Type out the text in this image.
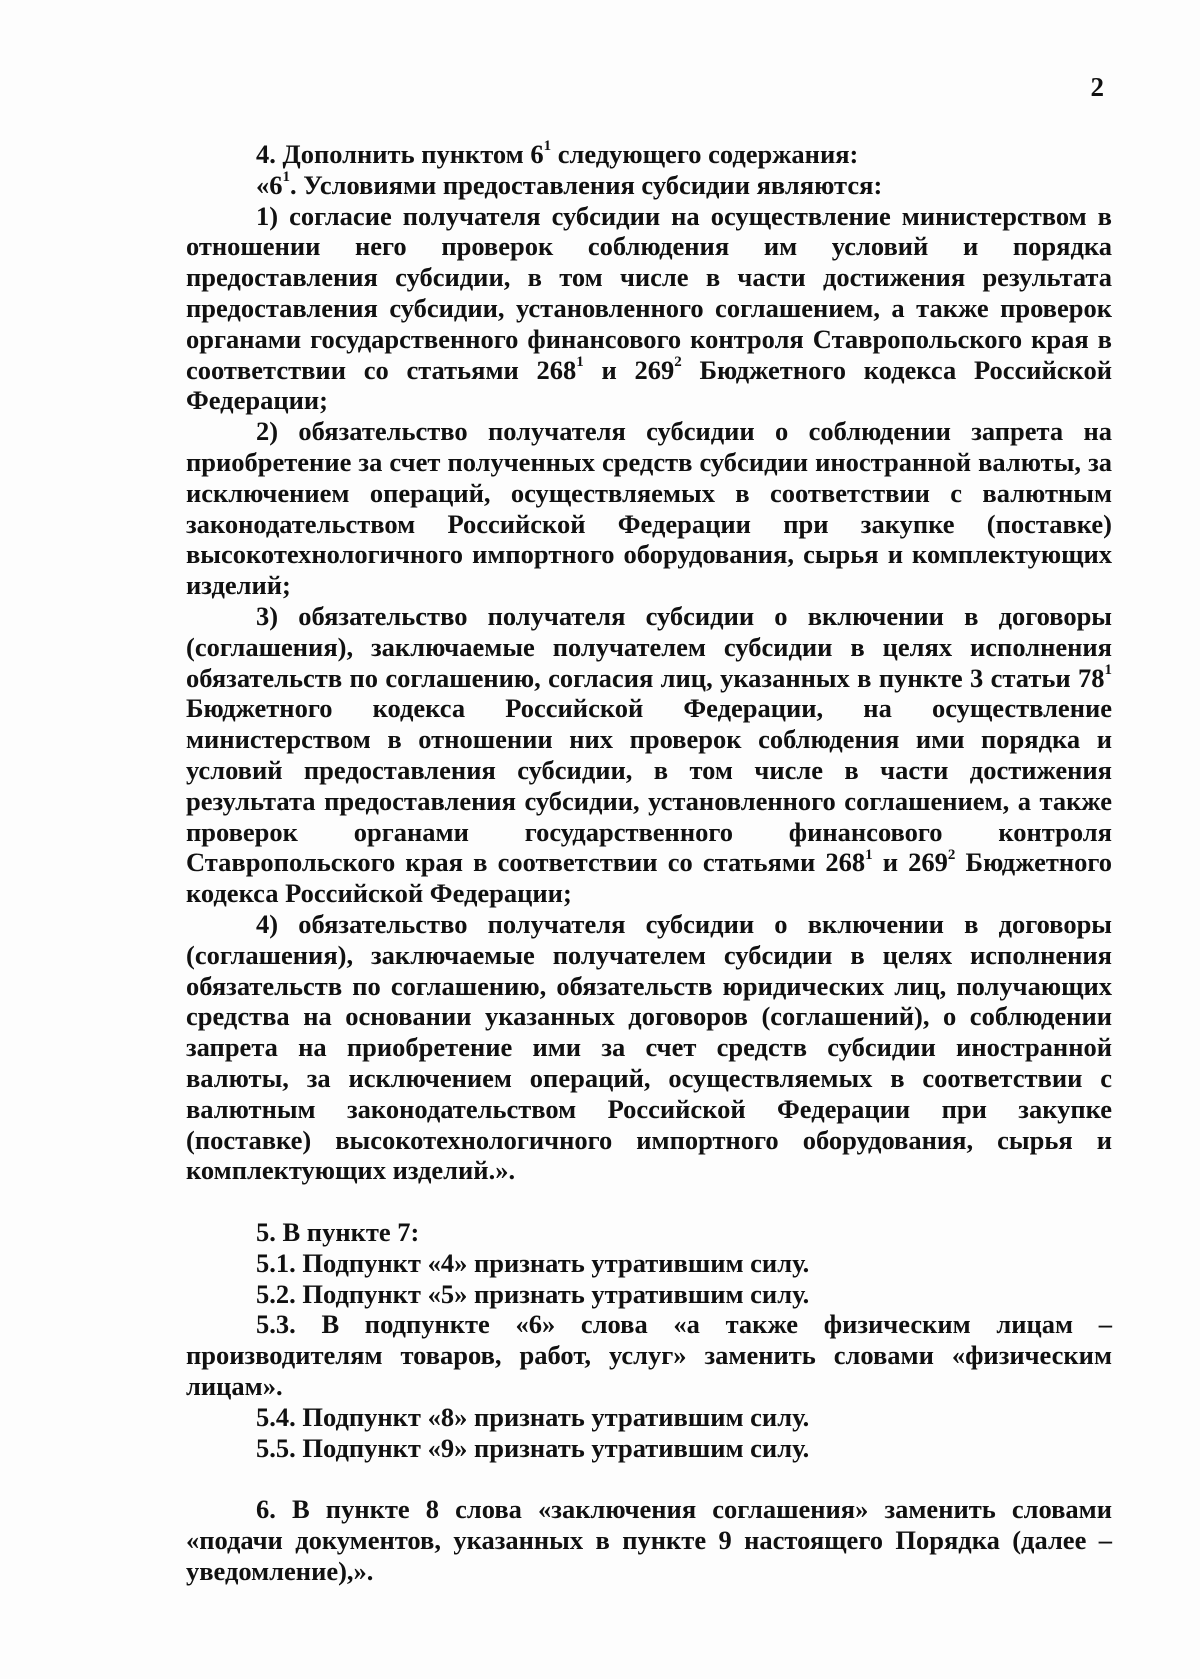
2

4. Дополнить пунктом $6^1$ следующего содержания:

«$6^1$. Условиями предоставления субсидии являются:

1) согласие получателя субсидии на осуществление министерством в отношении него проверок соблюдения им условий и порядка предоставления субсидии, в том числе в части достижения результата предоставления субсидии, установленного соглашением, а также проверок органами государственного финансового контроля Ставропольского края в соответствии со статьями $268^1$ и $269^2$ Бюджетного кодекса Российской Федерации;

2) обязательство получателя субсидии о соблюдении запрета на приобретение за счет полученных средств субсидии иностранной валюты, за исключением операций, осуществляемых в соответствии с валютным законодательством Российской Федерации при закупке (поставке) высокотехнологичного импортного оборудования, сырья и комплектующих изделий;

3) обязательство получателя субсидии о включении в договоры (соглашения), заключаемые получателем субсидии в целях исполнения обязательств по соглашению, согласия лиц, указанных в пункте 3 статьи $78^1$ Бюджетного кодекса Российской Федерации, на осуществление министерством в отношении них проверок соблюдения ими порядка и условий предоставления субсидии, в том числе в части достижения результата предоставления субсидии, установленного соглашением, а также проверок органами государственного финансового контроля Ставропольского края в соответствии со статьями $268^1$ и $269^2$ Бюджетного кодекса Российской Федерации;

4) обязательство получателя субсидии о включении в договоры (соглашения), заключаемые получателем субсидии в целях исполнения обязательств по соглашению, обязательств юридических лиц, получающих средства на основании указанных договоров (соглашений), о соблюдении запрета на приобретение ими за счет средств субсидии иностранной валюты, за исключением операций, осуществляемых в соответствии с валютным законодательством Российской Федерации при закупке (поставке) высокотехнологичного импортного оборудования, сырья и комплектующих изделий.».

5. В пункте 7:

5.1. Подпункт «4» признать утратившим силу.

5.2. Подпункт «5» признать утратившим силу.

5.3. В подпункте «6» слова «а также физическим лицам – производителям товаров, работ, услуг» заменить словами «физическим лицам».

5.4. Подпункт «8» признать утратившим силу.

5.5. Подпункт «9» признать утратившим силу.

6. В пункте 8 слова «заключения соглашения» заменить словами «подачи документов, указанных в пункте 9 настоящего Порядка (далее – уведомление),».
